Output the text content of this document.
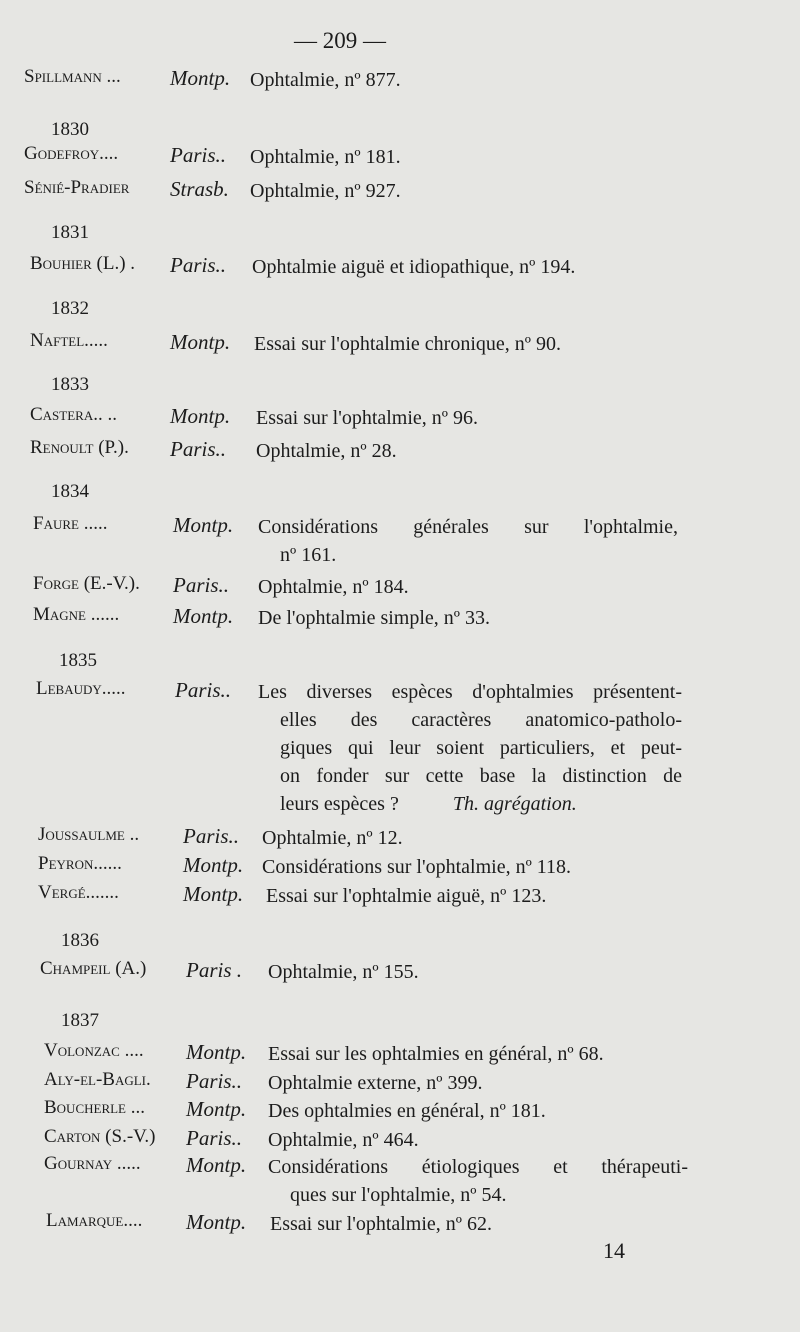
— 209 —
Spillmann ... Montp. Ophtalmie, nº 877.
1830
Godefroy.... Paris.. Ophtalmie, nº 181.
Sénié-Pradier Strasb. Ophtalmie, nº 927.
1831
Bouhier (L.) . Paris.. Ophtalmie aiguë et idiopathique, nº 194.
1832
Naftel.....	Montp. Essai sur l'ophtalmie chronique, nº 90.
1833
Castera.. ..	Montp. Essai sur l'ophtalmie, nº 96.
Renoult (P.). Paris.. Ophtalmie, nº 28.
1834
Faure .....	Montp. Considérations générales sur l'ophtalmie,
nº 161.
Forge (E.-V.). Paris.. Ophtalmie, nº 184.
Magne ......	Montp. De l'ophtalmie simple, nº 33.
1835
Lebaudy..... Paris.. Les diverses espèces d'ophtalmies présentent-
elles des caractères anatomico-patholo-
giques qui leur soient particuliers, et peut-
on fonder sur cette base la distinction de
leurs espèces ?	Th. agrégation.
Joussaulme .. Paris.. Ophtalmie, nº 12.
Peyron......	Montp. Considérations sur l'ophtalmie, nº 118.
Vergé.......	Montp. Essai sur l'ophtalmie aiguë, nº 123.
1836
Champeil (A.) Paris . Ophtalmie, nº 155.
1837
Volonzac .... Montp. Essai sur les ophtalmies en général, nº 68.
Aly-el-Bagli. Paris.. Ophtalmie externe, nº 399.
Boucherle ... Montp. Des ophtalmies en général, nº 181.
Carton (S.-V.) Paris.. Ophtalmie, nº 464.
Gournay ..... Montp. Considérations étiologiques et thérapeuti-
ques sur l'ophtalmie, nº 54.
Lamarque.... Montp. Essai sur l'ophtalmie, nº 62.
14
